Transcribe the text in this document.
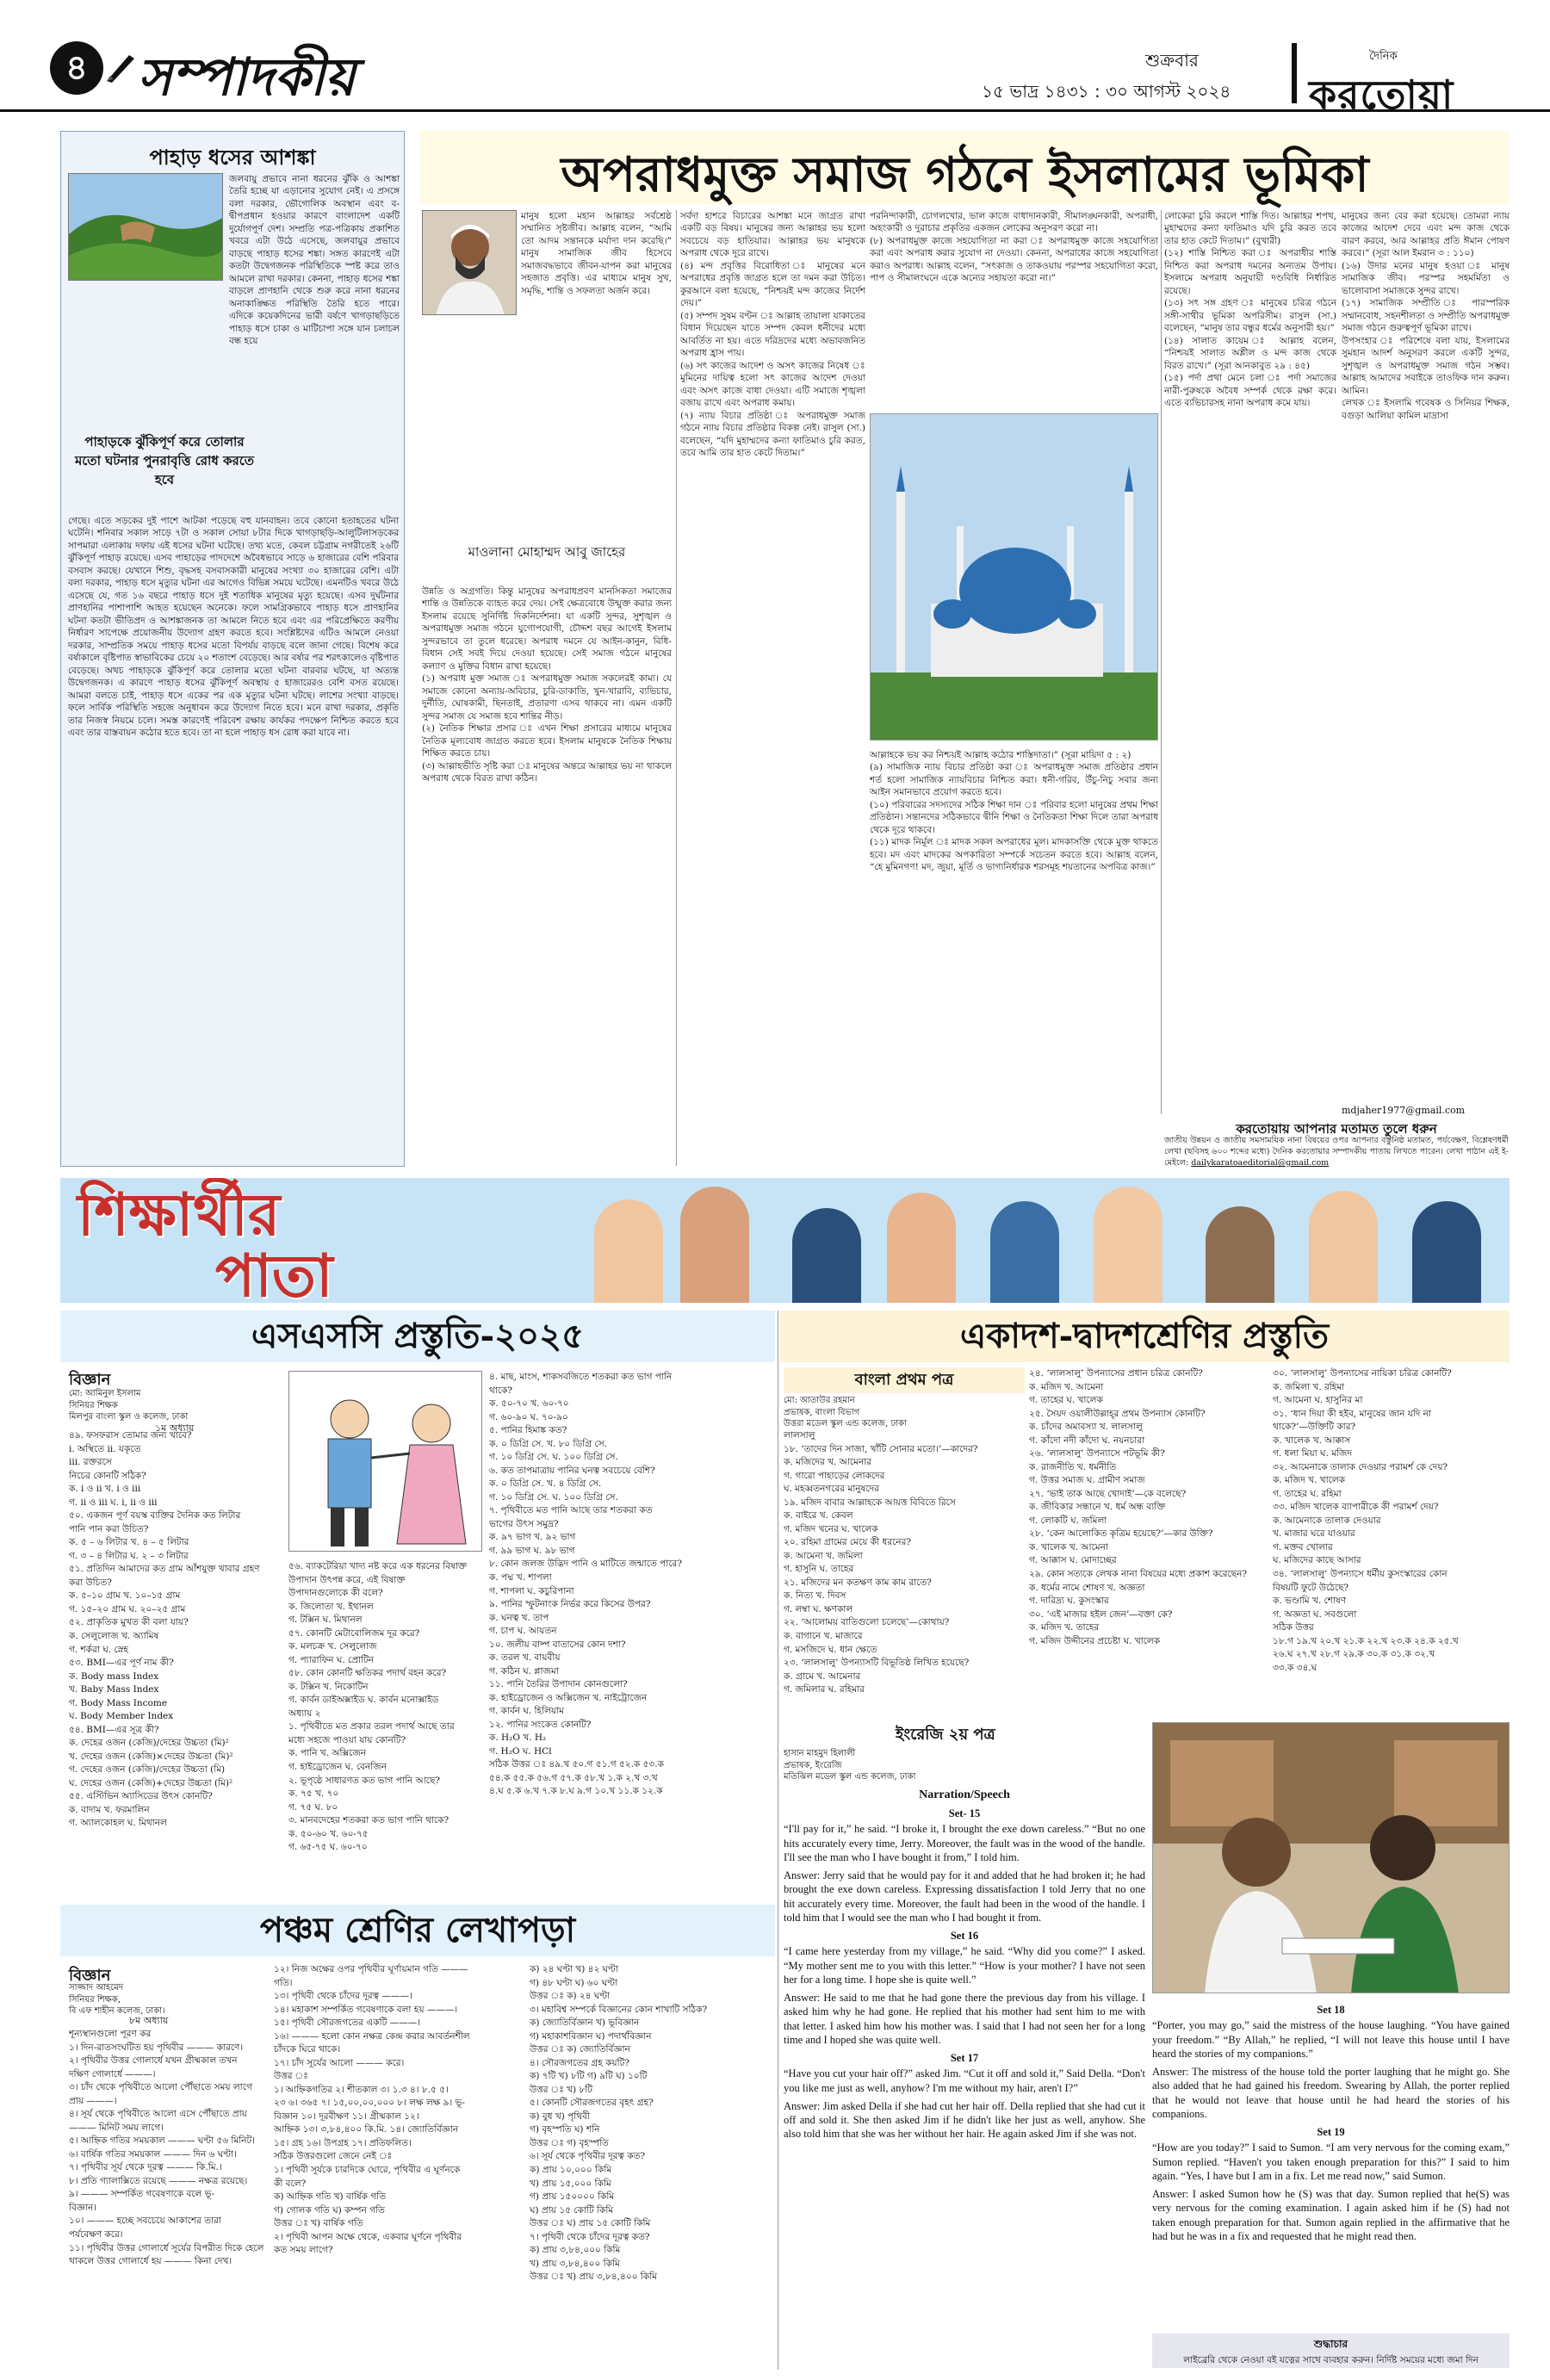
৪ সম্পাদকীয়	শুক্রবার
১৫ ভাদ্র ১৪৩১ : ৩০ আগস্ট ২০২৪
দৈনিক
করতোয়া
পাহাড় ধসের আশঙ্কা
জলবায়ু প্রভাবে নানা ধরনের ঝুঁকি ও আশঙ্কা তৈরি হচ্ছে যা এড়ানোর সুযোগ নেই। এ প্রসঙ্গে বলা দরকার, ভৌগোলিক অবস্থান এবং ব-দ্বীপপ্রধান হওয়ার কারণে বাংলাদেশ একটি দুর্যোগপূর্ণ দেশ। সম্প্রতি পত্র-পত্রিকায় প্রকাশিত খবরে এটা উঠে এসেছে, জলবায়ুর প্রভাবে বাড়ছে পাহাড় ধসের শঙ্কা। সঙ্গত কারণেই এটা কতটা উদ্বেগজনক পরিস্থিতিকে স্পষ্ট করে তাও আমলে রাখা দরকার। কেননা, পাহাড় ধসের শঙ্কা বাড়লে প্রাণহানি থেকে শুরু করে নানা ধরনের অনাকাঙ্ক্ষিত পরিস্থিতি তৈরি হতে পারে। এদিকে কয়েকদিনের ভারী বর্ষণে খাগড়াছড়িতে পাহাড় ধসে চাকা ও মাটিচাপা সঙ্গে যান চলাচল বন্ধ হয়ে
পাহাড়কে ঝুঁকিপূর্ণ করে তোলার মতো ঘটনার পুনরাবৃত্তি রোধ করতে হবে
গেছে। এতে সড়কের দুই পাশে আটকা পড়েছে বহু যানবাহন। তবে কোনো হতাহতের ঘটনা ঘটেনি। শনিবার সকাল সাড়ে ৭টা ও সকাল সোয়া ৮টার দিকে খাগড়াছড়ি-আলুটিলাসড়কের সাপমারা এলাকায় দফায় এই ধসের ঘটনা ঘটেছে। তথ্য মতে, কেবল চট্টগ্রাম নগরীতেই ২৬টি ঝুঁকিপূর্ণ পাহাড় রয়েছে। এসব পাহাড়ের পাদদেশে অবৈধভাবে সাড়ে ৬ হাজারের বেশি পরিবার বসবাস করছে। যেখানে শিশু, বৃদ্ধসহ বসবাসকারী মানুষের সংখ্যা ৩০ হাজারের বেশি। এটা বলা দরকার, পাহাড় ধসে মৃত্যুর ঘটনা এর আগেও বিভিন্ন সময়ে ঘটেছে। এমনটিও খবরে উঠে এসেছে যে, গত ১৬ বছরে পাহাড় ধসে দুই শতাধিক মানুষের মৃত্যু হয়েছে। এসব দুর্ঘটনার প্রাণহানির পাশাপাশি আহত হয়েছেন অনেকে। ফলে সামগ্রিকভাবে পাহাড় ধসে প্রাণহানির ঘটনা কতটা ভীতিপ্রদ ও আশঙ্কাজনক তা আমলে নিতে হবে এবং এর পরিপ্রেক্ষিতে করণীয় নির্ধারণ সাপেক্ষে প্রয়োজনীয় উদ্যোগ গ্রহণ করতে হবে। সংশ্লিষ্টদের এটিও আমলে নেওয়া দরকার, সাম্প্রতিক সময়ে পাহাড় ধসের মতো বিপর্যয় বাড়ছে বলে জানা গেছে। বিশেষ করে বর্ষাকালে বৃষ্টিপাত স্বাভাবিকের চেয়ে ২০ শতাংশ বেড়েছে। আর বর্ষার পর শরৎকালেও বৃষ্টিপাত বেড়েছে। অথচ পাহাড়কে ঝুঁকিপূর্ণ করে তোলার মতো ঘটনা বারবার ঘটছে, যা অত্যন্ত উদ্বেগজনক। এ কারণে পাহাড় ধসের ঝুঁকিপূর্ণ অবস্থায় ৫ হাজারেরও বেশি বসত রয়েছে। আমরা বলতে চাই, পাহাড় ধসে একের পর এক মৃত্যুর ঘটনা ঘটছে। লাশের সংখ্যা বাড়ছে। ফলে সার্বিক পরিস্থিতি সহজে অনুধাবন করে উদ্যোগ নিতে হবে। মনে রাখা দরকার, প্রকৃতি তার নিজস্ব নিয়মে চলে। সমস্ত কারণেই পরিবেশ রক্ষায় কার্যকর পদক্ষেপ নিশ্চিত করতে হবে এবং তার বাস্তবায়ন কঠোর হতে হবে। তা না হলে পাহাড় ধস রোধ করা যাবে না।
অপরাধমুক্ত সমাজ গঠনে ইসলামের ভূমিকা
মানুষ হলো মহান আল্লাহর সর্বশ্রেষ্ঠ সম্মানিত সৃষ্টজীব। আল্লাহ বলেন, “আমি তো আদম সন্তানকে মর্যাদা দান করেছি।” মানুষ সামাজিক জীব হিসেবে সমাজবদ্ধভাবে জীবন-যাপন করা মানুষের সহজাত প্রবৃত্তি। এর মাধ্যমে মানুষ সুখ, সমৃদ্ধি, শান্তি ও সফলতা অর্জন করে।
মাওলানা মোহাম্মদ আবু জাহের
উন্নতি ও অগ্রগতি। কিন্তু মানুষের অপরাধপ্রবণ মানসিকতা সমাজের শান্তি ও উন্নতিকে ব্যাহত করে দেয়। সেই ক্ষেত্রবোধে উন্মুক্ত করার জন্য ইসলাম রয়েছে সুনির্দিষ্ট দিকনির্দেশনা। যা একটি সুন্দর, সুশৃঙ্খল ও অপরাধমুক্ত সমাজ গঠনে যুগোপযোগী, চৌদ্দশ বছর আগেই ইসলাম সুন্দরভাবে তা তুলে ধরেছে। অপরাধ দমনে যে আইন-কানুন, বিধি-বিধান সেই সবই দিয়ে দেওয়া হয়েছে। সেই সমাজ গঠনে মানুষের কল্যাণ ও মুক্তির বিধান রাখা হয়েছে।
(১) অপরাধ মুক্ত সমাজ ঃ অপরাধমুক্ত সমাজ সকলেরই কাম্য। যে সমাজে কোনো অন্যায়-অবিচার, চুরি-ডাকাতি, খুন-খারাবি, ব্যভিচার, দুর্নীতি, ঘোষকামী, ছিনতাই, প্রতারণা এসব থাকবে না। এমন একটি সুন্দর সমাজ যে সমাজ হবে শান্তির নীড়।
(২) নৈতিক শিক্ষার প্রসার ঃ এখন শিক্ষা প্রসারের মাধ্যমে মানুষের নৈতিক মূল্যবোধ জাগ্রত করতে হবে। ইসলাম মানুষকে নৈতিক শিক্ষায় শিক্ষিত করতে চায়।
(৩) আল্লাহভীতি সৃষ্টি করা ঃ মানুষের অন্তরে আল্লাহর ভয় না থাকলে অপরাধ থেকে বিরত রাখা কঠিন।
সর্বদা হাশরে বিচারের আশঙ্কা মনে জাগ্রত রাখা একটি বড় বিষয়। মানুষের জন্য আল্লাহর ভয় হলো সবচেয়ে বড় হাতিয়ার। আল্লাহর ভয় মানুষকে অপরাধ থেকে দূরে রাখে।
(৪) মন্দ প্রবৃত্তির বিরোধিতা ঃ মানুষের মনে অপরাধের প্রবৃত্তি জাগ্রত হলে তা দমন করা উচিত। কুরআনে বলা হয়েছে, “নিশ্চয়ই মন্দ কাজের নির্দেশ দেয়।”
(৫) সম্পদ সুষম বণ্টন ঃ আল্লাহ তায়ালা যাকাতের বিধান দিয়েছেন যাতে সম্পদ কেবল ধনীদের মধ্যে আবর্তিত না হয়। এতে দরিদ্রদের মধ্যে অভাবজনিত অপরাধ হ্রাস পায়।
(৬) সৎ কাজের আদেশ ও অসৎ কাজের নিষেধ ঃ মুমিনের দায়িত্ব হলো সৎ কাজের আদেশ দেওয়া এবং অসৎ কাজে বাধা দেওয়া। এটি সমাজে শৃঙ্খলা বজায় রাখে এবং অপরাধ কমায়।
(৭) ন্যায় বিচার প্রতিষ্ঠা ঃ অপরাধমুক্ত সমাজ গঠনে ন্যায় বিচার প্রতিষ্ঠার বিকল্প নেই। রাসুল (সা.) বলেছেন, “যদি মুহাম্মদের কন্যা ফাতিমাও চুরি করত, তবে আমি তার হাত কেটে দিতাম।”
পরনিন্দাকারী, চোগলখোর, ভাল কাজে বাধাদানকারী, সীমালঙ্ঘনকারী, অপরাধী, অহংকারী ও দুরাচার প্রকৃতির একজন লোকের অনুসরণ করো না।
(৮) অপরাধমুক্ত কাজে সহযোগিতা না করা ঃ অপরাধমুক্ত কাজে সহযোগিতা করা এবং অপরাধ করার সুযোগ না দেওয়া। কেননা, অপরাধের কাজে সহযোগিতা করাও অপরাধ। আল্লাহ বলেন, “সৎকাজ ও তাকওয়ায় পরস্পর সহযোগিতা করো, পাপ ও সীমালংঘনে একে অন্যের সহায়তা করো না।”
আল্লাহকে ভয় কর নিশ্চয়ই আল্লাহ কঠোর শাস্তিদাতা।” (সূরা মায়িদা ৫ : ২)
(৯) সামাজিক ন্যায় বিচার প্রতিষ্ঠা করা ঃ অপরাধমুক্ত সমাজ প্রতিষ্ঠার প্রধান শর্ত হলো সামাজিক ন্যায়বিচার নিশ্চিত করা। ধনী-গরিব, উঁচু-নিচু সবার জন্য আইন সমানভাবে প্রয়োগ করতে হবে।
(১০) পরিবারের সদস্যদের সঠিক শিক্ষা দান ঃ পরিবার হলো মানুষের প্রথম শিক্ষা প্রতিষ্ঠান। সন্তানদের সঠিকভাবে দ্বীনি শিক্ষা ও নৈতিকতা শিক্ষা দিলে তারা অপরাধ থেকে দূরে থাকবে।
(১১) মাদক নির্মূল ঃ মাদক সকল অপরাধের মূল। মাদকাসক্তি থেকে মুক্ত থাকতে হবে। মদ এবং মাদকের অপকারিতা সম্পর্কে সচেতন করতে হবে। আল্লাহ বলেন, “হে মুমিনগণ! মদ, জুয়া, মূর্তি ও ভাগ্যনির্ধারক শরসমূহ শয়তানের অপবিত্র কাজ।”
লোকেরা চুরি করলে শাস্তি দিত। আল্লাহর শপথ, মুহাম্মদের কন্যা ফাতিমাও যদি চুরি করত তবে তার হাত কেটে দিতাম।” (বুখারী)
(১২) শাস্তি নিশ্চিত করা ঃ অপরাধীর শাস্তি নিশ্চিত করা অপরাধ দমনের অন্যতম উপায়। ইসলামে অপরাধ অনুযায়ী দণ্ডবিধি নির্ধারিত রয়েছে।
(১৩) সৎ সঙ্গ গ্রহণ ঃ মানুষের চরিত্র গঠনে সঙ্গী-সাথীর ভূমিকা অপরিসীম। রাসুল (সা.) বলেছেন, “মানুষ তার বন্ধুর ধর্মের অনুসারী হয়।”
(১৪) সালাত কায়েম ঃ আল্লাহ বলেন, “নিশ্চয়ই সালাত অশ্লীল ও মন্দ কাজ থেকে বিরত রাখে।” (সূরা আনকাবুত ২৯ : ৪৫)
(১৫) পর্দা প্রথা মেনে চলা ঃ পর্দা সমাজের নারী-পুরুষকে অবৈধ সম্পর্ক থেকে রক্ষা করে। এতে ব্যভিচারসহ নানা অপরাধ কমে যায়।
মানুষের জন্য বের করা হয়েছে। তোমরা ন্যায় কাজের আদেশ দেবে এবং মন্দ কাজ থেকে বারণ করবে, আর আল্লাহর প্রতি ঈমান পোষণ করবে।” (সূরা আল ইমরান ৩ : ১১০)
(১৬) উদার মনের মানুষ হওয়া ঃ মানুষ সামাজিক জীব। পরস্পর সহমর্মিতা ও ভালোবাসা সমাজকে সুন্দর রাখে।
(১৭) সামাজিক সম্প্রীতি ঃ পারস্পরিক সম্মানবোধ, সহনশীলতা ও সম্প্রীতি অপরাধমুক্ত সমাজ গঠনে গুরুত্বপূর্ণ ভূমিকা রাখে।
উপসংহার ঃ পরিশেষে বলা যায়, ইসলামের সুমহান আদর্শ অনুসরণ করলে একটি সুন্দর, সুশৃঙ্খল ও অপরাধমুক্ত সমাজ গঠন সম্ভব। আল্লাহ আমাদের সবাইকে তাওফিক দান করুন। আমিন।
লেখক ঃ ইসলামি গবেষক ও সিনিয়র শিক্ষক, বগুড়া আলিয়া কামিল মাদ্রাসা
mdjaher1977@gmail.com
করতোয়ায় আপনার মতামত তুলে ধরুন
জাতীয় উন্নয়ন ও জাতীয় সমসাময়িক নানা বিষয়ের ওপর আপনার বস্তুনিষ্ঠ মতামত, পর্যবেক্ষণ, বিশ্লেষণধর্মী লেখা (ছবিসহ ৬০০ শব্দের মধ্যে) দৈনিক করতোয়ার সম্পাদকীয় পাতায় লিখতে পারেন। লেখা পাঠান এই ই-মেইলে: dailykaratoaeditorial@gmail.com
শিক্ষার্থীর
পাতা
এসএসসি প্রস্তুতি-২০২৫
বিজ্ঞান
মো: আমিনুল ইসলাম
সিনিয়র শিক্ষক
মিলপুর বাংলা স্কুল ও কলেজ, ঢাকা
১ম অধ্যায়
৪৯. ফসফরাস তোমার জন্য খাবে?
i. অস্থিতে ii. যকৃতে
iii. রক্তরসে
নিচের কোনটি সঠিক?
ক. i ও ii খ. i ও iii
গ. ii ও iii ঘ. i, ii ও iii
৫০. একজন পূর্ণ বয়স্ক ব্যক্তির দৈনিক কত লিটার
পানি পান করা উচিত?
ক. ৫ – ৬ লিটার খ. ৪ – ৫ লিটার
গ. ৩ – ৪ লিটার ঘ. ২ – ৩ লিটার
৫১. প্রতিদিন আমাদের কত গ্রাম আঁশযুক্ত খাবার গ্রহণ
করা উচিত?
ক. ৫–১০ গ্রাম খ. ১০–১৫ গ্রাম
গ. ১৫–২০ গ্রাম ঘ. ২০–২৫ গ্রাম
৫২. প্রাকৃতিক মুখত কী বলা যায়?
ক. সেলুলোজ খ. অ্যামিষ
গ. শর্করা ঘ. স্নেহ
৫৩. BMI—এর পূর্ণ নাম কী?
ক. Body mass Index
খ. Baby Mass Index
গ. Body Mass Income
ঘ. Body Member Index
৫৪. BMI—এর সূত্র কী?
ক. দেহের ওজন (কেজি)/দেহের উচ্চতা (মি)²
খ. দেহের ওজন (কেজি)×দেহের উচ্চতা (মি)²
গ. দেহের ওজন (কেজি)/দেহের উচ্চতা (মি)
ঘ. দেহের ওজন (কেজি)+দেহের উচ্চতা (মি)²
৫৫. এস্টিভিন অ্যাসিডের উৎস কোনটি?
ক. বাদাম খ. ফরমালিন
গ. অ্যালকোহল ঘ. মিথানল
৫৬. ব্যাকটেরিয়া খাদ্য নষ্ট করে এক ধরনের বিষাক্ত
উপাদান উৎপন্ন করে, এই বিষাক্ত
উপাদানগুলোকে কী বলে?
ক. জিলোতা খ. ইথানল
গ. টক্সিন ঘ. মিথানল
৫৭. কোনটি মেটাবোলিজম দূর করে?
ক. মলচক্র খ. সেলুলোজ
গ. প্যারাফিন ঘ. প্রোটিন
৫৮. কোন কোনটি ক্ষতিকর পদার্থ বহন করে?
ক. টক্সিন খ. নিকোটিন
গ. কার্বন ডাইঅক্সাইড ঘ. কার্বন মনোক্সাইড
অধ্যায় ২
১. পৃথিবীতে মত প্রকার তরল পদার্থ আছে তার
মধ্যে সহজে পাওয়া যায় কোনটি?
ক. পানি খ. অক্সিজেন
গ. হাইড্রোজেন ঘ. বেনজিন
২. ভূপৃষ্ঠে সাধারণত কত ভাগ পানি আছে?
ক. ৭৫ খ. ৭০
গ. ৭৫ ঘ. ৮০
৩. মানবদেহের শতকরা কত ভাগ পানি থাকে?
ক. ৫০-৬০ খ. ৬০-৭৫
গ. ৬৫-৭৫ ঘ. ৬০-৭০
৪. মাছ, মাংস, শাকসবজিতে শতকরা কত ভাগ পানি
থাকে?
ক. ৫০-৭০ খ. ৬০-৭০
গ. ৬০-৯০ ঘ. ৭০-৯০
৫. পানির হিমাঙ্ক কত?
ক. ০ ডিগ্রি সে. খ. ৮০ ডিগ্রি সে.
গ. ১০ ডিগ্রি সে. ঘ. ১০০ ডিগ্রি সে.
৬. কত তাপমাত্রায় পানির ঘনত্ব সবচেয়ে বেশি?
ক. ০ ডিগ্রি সে. খ. ৪ ডিগ্রি সে.
গ. ১০ ডিগ্রি সে. ঘ. ১০০ ডিগ্রি সে.
৭. পৃথিবীতে মত পানি আছে তার শতকরা কত
ভাগের উৎস সমুদ্র?
ক. ৯৭ ভাগ খ. ৯২ ভাগ
গ. ৯৯ ভাগ ঘ. ৯৮ ভাগ
৮. কোন জলজ উদ্ভিদ পানি ও মাটিতে জন্মাতে পারে?
ক. পদ্ম খ. শাপলা
গ. শাপলা ঘ. কচুরিপানা
৯. পানির স্ফুটনাংক নির্ভর করে কিসের উপর?
ক. ঘনত্ব খ. তাপ
গ. চাপ ঘ. আয়তন
১০. জলীয় বাষ্প বাতাসের কোন দশা?
ক. তরল খ. বায়বীয়
গ. কঠিন ঘ. প্লাজমা
১১. পানি তৈরির উপাদান কোনগুলো?
ক. হাইড্রোজেন ও অক্সিজেন খ. নাইট্রোজেন
গ. কার্বন ঘ. হিলিয়াম
১২. পানির সংকেত কোনটি?
ক. H₂O খ. H₂
গ. H₂O ঘ. HCl
সঠিক উত্তর ঃ ৪৯.খ ৫০.গ ৫১.গ ৫২.ক ৫৩.ক
৫৪.ক ৫৫.ক ৫৬.গ ৫৭.ক ৫৮.খ ১.ক ২.খ ৩.খ
৪.ঘ ৫.ক ৬.খ ৭.ক ৮.ঘ ৯.গ ১০.খ ১১.ক ১২.ক
একাদশ-দ্বাদশশ্রেণির প্রস্তুতি
বাংলা প্রথম পত্র
মো: আতাউর রহমান
প্রভাষক, বাংলা বিভাগ
উত্তরা মডেল স্কুল এন্ড কলেজ, ঢাকা
লালসালু
১৮. ‘তাদের দিন সাজা, খাঁটি সোনার মতো।’—কাদের?
ক. মজিদের খ. আমেনার
গ. গারো পাহাড়ের লোকদের
ঘ. মহব্বতনগরের মানুষদের
১৯. মজিদ বাবার আল্লাহকে আয়ত্ত বিবিতে রিসে
ক. বাইরে খ. কেবল
গ. মজিদ খনের ঘ. খালেক
২০. রহিমা গ্রামের মেয়ে কী ধরনের?
ক. আমেনা খ. জমিলা
গ. হাসুনি ঘ. তাহের
২১. মজিদের মন কতক্ষণ কাম কাম রাতে?
ক. নিত্য খ. দিবস
গ. লম্বা ঘ. ক্ষণকাল
২২. ‘আলোময় বাতিগুলো চলেছে’—কোথায়?
ক. বাগানে খ. মাজারে
গ. মসজিদে ঘ. ধান ক্ষেতে
২৩. ‘লালসালু’ উপন্যাসটি বিভূতিষ্ঠ লিখিত হয়েছে?
ক. গ্রামে খ. আমেনার
গ. জমিলার ঘ. রহিমার
২৪. ‘লালসালু’ উপন্যাসের প্রধান চরিত্র কোনটি?
ক. মজিদ খ. আমেনা
গ. তাহের ঘ. খালেক
২৫. সৈয়দ ওয়ালীউল্লাহ্‌র প্রথম উপন্যাস কোনটি?
ক. চাঁদের অমাবস্যা খ. লালসালু
গ. কাঁদো নদী কাঁদো ঘ. নয়নচারা
২৬. ‘লালসালু’ উপন্যাসে পটভূমি কী?
ক. রাজনীতি খ. ধর্মনীতি
গ. উত্তর সমাজ ঘ. গ্রামীণ সমাজ
২৭. ‘ভাই তাক আছে খোদাই’—কে বলেছে?
ক. জীবিকার সন্ধানে খ. ধর্ম অন্ধ ব্যক্তি
গ. লোকটি ঘ. জমিলা
২৮. ‘কেন আলোকিত কৃত্রিম হয়েছে?’—কার উক্তি?
ক. খালেক খ. আমেনা
গ. আক্কাস ঘ. মোদাচ্ছের
২৯. কোন সত্যকে লেখক নানা বিষয়ের মধ্যে প্রকাশ করেছেন?
ক. ধর্মের নামে শোষণ খ. অজ্ঞতা
গ. দারিদ্র্য ঘ. কুসংস্কার
৩০. ‘এই মাজার হইল জেন’—বক্তা কে?
ক. মজিদ খ. তাহের
গ. মজিদ উদ্দীনের প্রচেষ্টা ঘ. খালেক
৩০. ‘লালসালু’ উপন্যাসের নায়িকা চরিত্র কোনটি?
ক. জমিলা খ. রহিমা
গ. আমেনা ঘ. হাসুনির মা
৩১. ‘ধান দিয়া কী হইব, মানুষের জান যদি না
থাকে?’—উক্তিটি কার?
ক. খালেক খ. আক্কাস
গ. ধলা মিয়া ঘ. মজিদ
৩২. আমেনাকে তালাক দেওয়ার পরামর্শ কে দেয়?
ক. মজিদ খ. খালেক
গ. তাহের ঘ. রহিমা
৩৩. মজিদ খালেক ব্যাপারীকে কী পরামর্শ দেয়?
ক. আমেনাকে তালাক দেওয়ার
খ. মাজার ঘরে যাওয়ার
গ. মক্তব খোলার
ঘ. মজিদের কাছে আসার
৩৪. ‘লালসালু’ উপন্যাসে ধর্মীয় কুসংস্কারের কোন
বিষয়টি ফুটে উঠেছে?
ক. ভণ্ডামি খ. শোষণ
গ. অজ্ঞতা ঘ. সবগুলো
সঠিক উত্তর
১৮.গ ১৯.খ ২০.খ ২১.ক ২২.খ ২৩.ক ২৪.ক ২৫.খ
২৬.ঘ ২৭.খ ২৮.গ ২৯.ক ৩০.ক ৩১.ক ৩২.খ
৩৩.ক ৩৪.ঘ
ইংরেজি ২য় পত্র
হাসান মাহমুদ হিলালী
প্রভাষক, ইংরেজি
মতিঝিল মডেল স্কুল এন্ড কলেজ, ঢাকা
Narration/Speech
Set- 15

“I'll pay for it,” he said. “I broke it, I brought the exe down careless.” “But no one hits accurately every time, Jerry. Moreover, the fault was in the wood of the handle. I'll see the man who I have bought it from,” I told him.

Answer: Jerry said that he would pay for it and added that he had broken it; he had brought the exe down careless. Expressing dissatisfaction I told Jerry that no one hit accurately every time. Moreover, the fault had been in the wood of the handle. I told him that I would see the man who I had bought it from.

Set 16

“I came here yesterday from my village,” he said. “Why did you come?” I asked. “My mother sent me to you with this letter.” “How is your mother? I have not seen her for a long time. I hope she is quite well.”

Answer: He said to me that he had gone there the previous day from his village. I asked him why he had gone. He replied that his mother had sent him to me with that letter. I asked him how his mother was. I said that I had not seen her for a long time and I hoped she was quite well.

Set 17

“Have you cut your hair off?” asked Jim. “Cut it off and sold it,” Said Della. “Don't you like me just as well, anyhow? I'm me without my hair, aren't I?”

Answer: Jim asked Della if she had cut her hair off. Della replied that she had cut it off and sold it. She then asked Jim if he didn't like her just as well, anyhow. She also told him that she was her without her hair. He again asked Jim if she was not.

Set 18

“Porter, you may go,” said the mistress of the house laughing. “You have gained your freedom.” “By Allah,” he replied, “I will not leave this house until I have heard the stories of my companions.”

Answer: The mistress of the house told the porter laughing that he might go. She also added that he had gained his freedom. Swearing by Allah, the porter replied that he would not leave that house until he had heard the stories of his companions.

Set 19

“How are you today?” I said to Sumon. “I am very nervous for the coming exam,” Sumon replied. “Haven't you taken enough preparation for this?” I said to him again. “Yes, I have but I am in a fix. Let me read now,” said Sumon.

Answer: I asked Sumon how he (S) was that day. Sumon replied that he(S) was very nervous for the coming examination. I again asked him if he (S) had not taken enough preparation for that. Sumon again replied in the affirmative that he had but he was in a fix and requested that he might read then.

পঞ্চম শ্রেণির লেখাপড়া
বিজ্ঞান
সাজ্জাদ আহমেদ
সিনিয়র শিক্ষক,
বি এফ শাহীন কলেজ, ঢাকা।
৮ম অধ্যায়
শূন্যস্থানগুলো পূরণ কর
১। দিন-রাতসংঘটিত হয় পৃথিবীর ——— কারণে।
২। পৃথিবীর উত্তর গোলার্ধে যখন গ্রীষ্মকাল তখন
দক্ষিণ গোলার্ধে ———।
৩। চাঁদ থেকে পৃথিবীতে আলো পৌঁছাতে সময় লাগে
প্রায় ———।
৪। সূর্য থেকে পৃথিবীতে আলো এসে পৌঁছাতে প্রায়
——— মিনিট সময় লাগে।
৫। আহ্নিক গতির সময়কাল ——— ঘণ্টা ৫৬ মিনিট।
৬। বার্ষিক গতির সময়কাল ——— দিন ৬ ঘণ্টা।
৭। পৃথিবীর সূর্য থেকে দূরত্ব ——— কি.মি.।
৮। প্রতি গ্যালাক্সিতে রয়েছে ——— নক্ষত্র রয়েছে।
৯। ——— সম্পর্কিত গবেষণাকে বলে ভূ-
বিজ্ঞান।
১০। ——— হচ্ছে সবচেয়ে আকাশের তারা
পর্যবেক্ষণ করে।
১১। পৃথিবীর উত্তর গোলার্ধে সূর্যের বিপরীত দিকে হেলে
থাকলে উত্তর গোলার্ধে হয় ——— কিনা দেখ।
১২। নিজ অক্ষের ওপর পৃথিবীর ঘূর্ণায়মান গতি ———
গতি।
১৩। পৃথিবী থেকে চাঁদের দূরত্ব ———।
১৪। মহাকাশ সম্পর্কিত গবেষণাকে বলা হয় ———।
১৫। পৃথিবী সৌরজগতের একটি ———।
১৬। ——— হলো কোন নক্ষত্র কেন্দ্র করার আবর্তনশীল
চাঁদকে ঘিরে থাকে।
১৭। চাঁদ সূর্যের আলো ——— করে।
উত্তর ঃ
১। আহ্নিকগতির ২। শীতকাল ৩। ১.৩ ৪। ৮.৫ ৫।
২৩ ৬। ৩৬৫ ৭। ১৫,০০,০০,০০০ ৮। লক্ষ লক্ষ ৯। ভূ-
বিজ্ঞান ১০। দূরবীক্ষণ ১১। গ্রীষ্মকাল ১২।
আহ্নিক ১৩। ৩,৮৪,৪০০ কি.মি. ১৪। জ্যোতির্বিজ্ঞান
১৫। গ্রহ ১৬। উপগ্রহ ১৭। প্রতিফলিত।
সঠিক উত্তরগুলো জেনে নেই ঃ
১। পৃথিবী সূর্যকে চারদিকে ঘোরে, পৃথিবীর এ ঘূর্ণনকে
কী বলে?
ক) আহ্নিক গতি খ) বার্ষিক গতি
গ) গোলক গতি ঘ) কম্পন গতি
উত্তর ঃ খ) বার্ষিক গতি
২। পৃথিবী আপন অক্ষে থেকে, একবার ঘূর্ণনে পৃথিবীর
কত সময় লাগে?
ক) ২৪ ঘণ্টা খ) ৪২ ঘণ্টা
গ) ৪৮ ঘণ্টা ঘ) ৬০ ঘণ্টা
উত্তর ঃ ক) ২৪ ঘণ্টা
৩। মহাবিশ্ব সম্পর্কে বিজ্ঞানের কোন শাখাটি সঠিক?
ক) জ্যোতির্বিজ্ঞান খ) ভূবিজ্ঞান
গ) মহাকাশবিজ্ঞান ঘ) পদার্থবিজ্ঞান
উত্তর ঃ ক) জ্যোতির্বিজ্ঞান
৪। সৌরজগতের গ্রহ কয়টি?
ক) ৭টি খ) ৮টি গ) ৯টি ঘ) ১০টি
উত্তর ঃ খ) ৮টি
৫। কোনটি সৌরজগতের বৃহৎ গ্রহ?
ক) বুধ খ) পৃথিবী
গ) বৃহস্পতি ঘ) শনি
উত্তর ঃ গ) বৃহস্পতি
৬। সূর্য থেকে পৃথিবীর দূরত্ব কত?
ক) প্রায় ১০,০০০ কিমি
খ) প্রায় ১৫,০০০ কিমি
গ) প্রায় ১৫০০০০ কিমি
ঘ) প্রায় ১৫ কোটি কিমি
উত্তর ঃ ঘ) প্রায় ১৫ কোটি কিমি
৭। পৃথিবী থেকে চাঁদের দূরত্ব কত?
ক) প্রায় ৩,৮৪,০০০ কিমি
খ) প্রায় ৩,৮৪,৪০০ কিমি
উত্তর ঃ খ) প্রায় ৩,৮৪,৪০০ কিমি
শুদ্ধাচার
লাইব্রেরি থেকে নেওয়া বই যত্নের সাথে ব্যবহার করুন। নির্দিষ্ট সময়ের মধ্যে জমা দিন
